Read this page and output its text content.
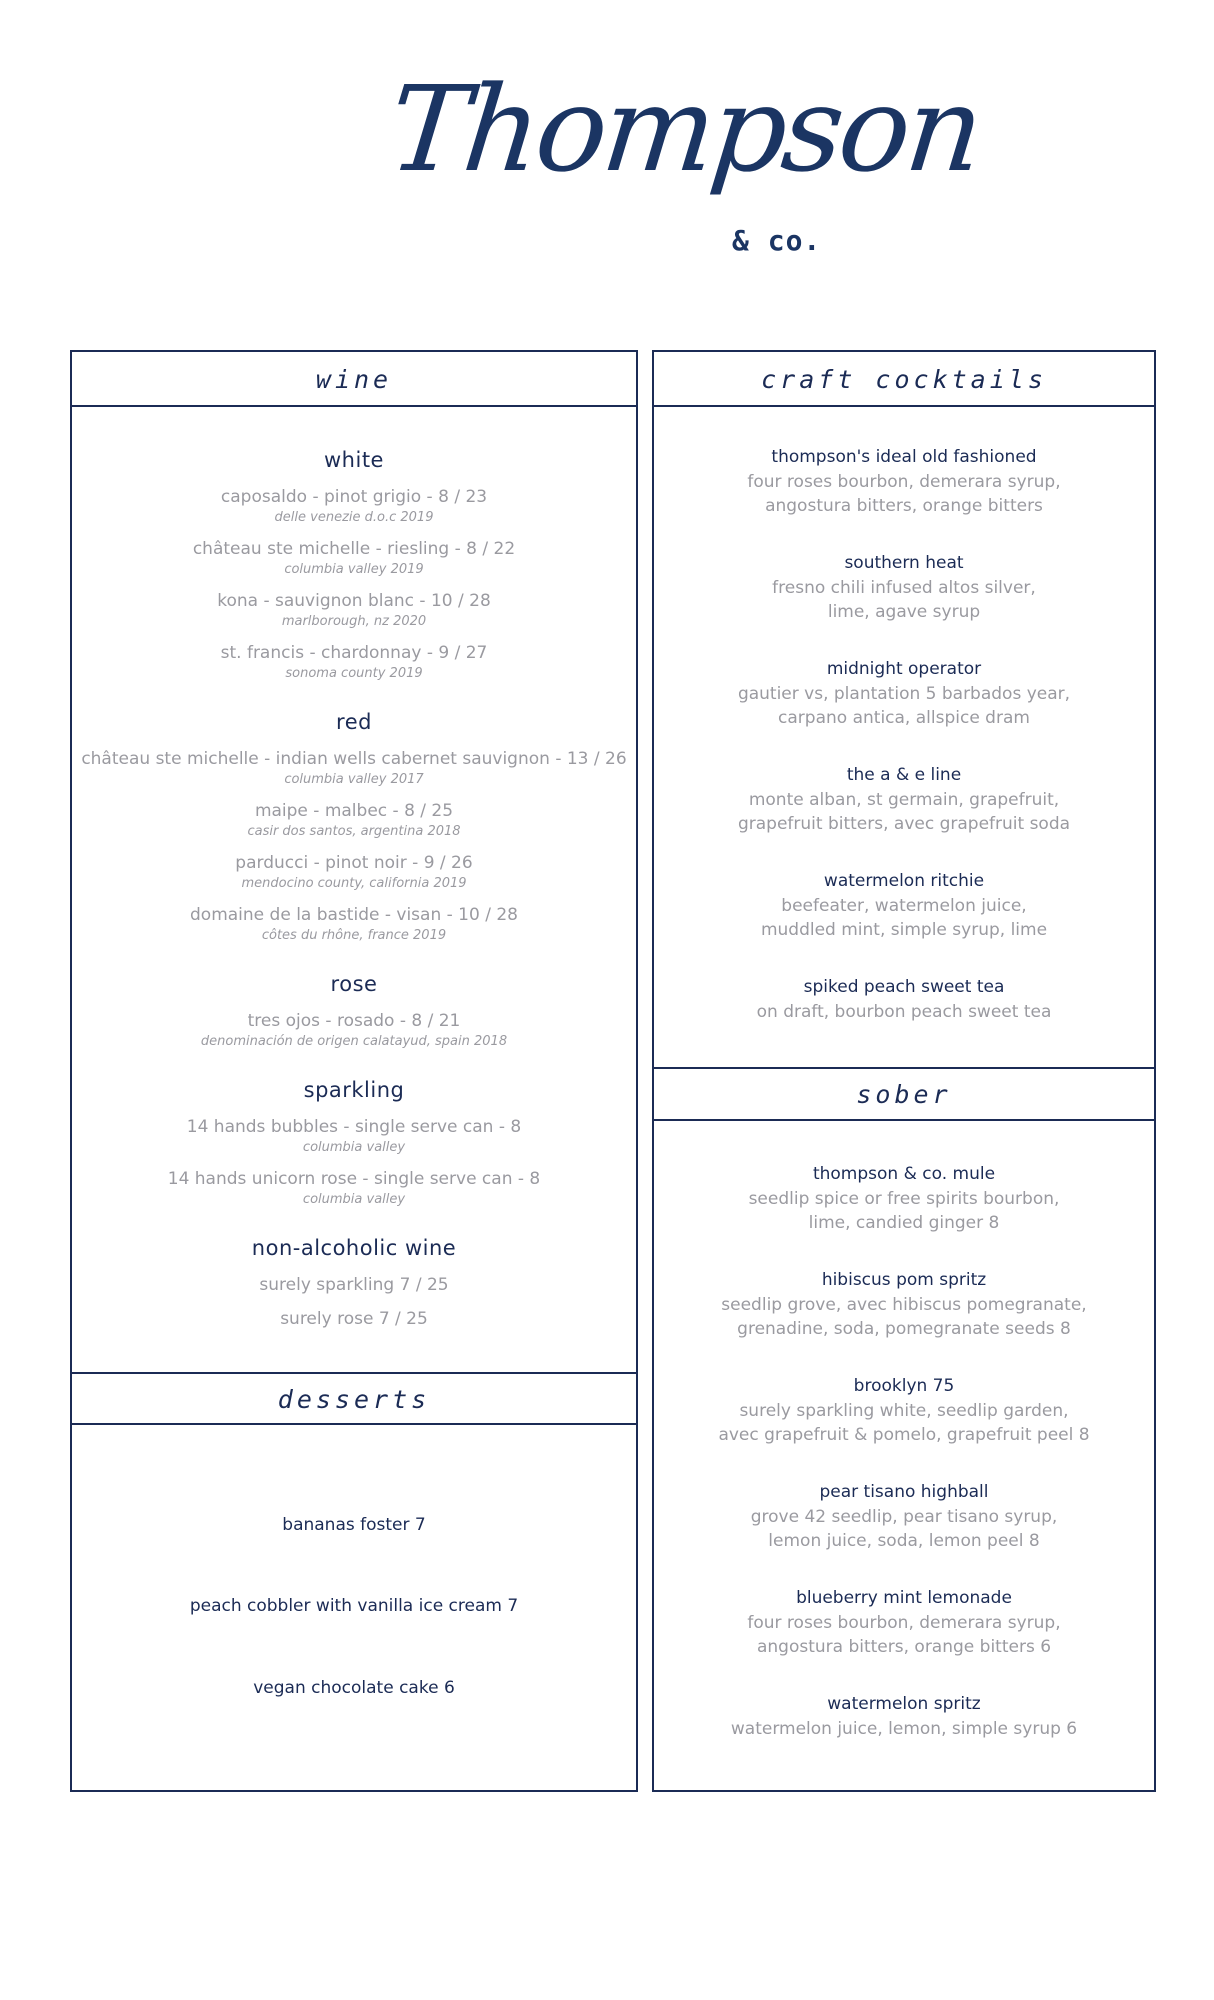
Thompson
& co.
wine
white
caposaldo - pinot grigio - 8 / 23
delle venezie d.o.c 2019
château ste michelle - riesling - 8 / 22
columbia valley 2019
kona - sauvignon blanc - 10 / 28
marlborough, nz 2020
st. francis - chardonnay - 9 / 27
sonoma county 2019
red
château ste michelle - indian wells cabernet sauvignon - 13 / 26
columbia valley 2017
maipe - malbec - 8 / 25
casir dos santos, argentina 2018
parducci - pinot noir - 9 / 26
mendocino county, california 2019
domaine de la bastide - visan - 10 / 28
côtes du rhône, france 2019
rose
tres ojos - rosado - 8 / 21
denominación de origen calatayud, spain 2018
sparkling
14 hands bubbles - single serve can - 8
columbia valley
14 hands unicorn rose - single serve can - 8
columbia valley
non-alcoholic wine
surely sparkling 7 / 25
surely rose 7 / 25
desserts
bananas foster 7
peach cobbler with vanilla ice cream 7
vegan chocolate cake 6
craft cocktails
thompson's ideal old fashioned
four roses bourbon, demerara syrup,
angostura bitters, orange bitters
southern heat
fresno chili infused altos silver,
lime, agave syrup
midnight operator
gautier vs, plantation 5 barbados year,
carpano antica, allspice dram
the a & e line
monte alban, st germain, grapefruit,
grapefruit bitters, avec grapefruit soda
watermelon ritchie
beefeater, watermelon juice,
muddled mint, simple syrup, lime
spiked peach sweet tea
on draft, bourbon peach sweet tea
sober
thompson & co. mule
seedlip spice or free spirits bourbon,
lime, candied ginger 8
hibiscus pom spritz
seedlip grove, avec hibiscus pomegranate,
grenadine, soda, pomegranate seeds 8
brooklyn 75
surely sparkling white, seedlip garden,
avec grapefruit & pomelo, grapefruit peel 8
pear tisano highball
grove 42 seedlip, pear tisano syrup,
lemon juice, soda, lemon peel 8
blueberry mint lemonade
four roses bourbon, demerara syrup,
angostura bitters, orange bitters 6
watermelon spritz
watermelon juice, lemon, simple syrup 6
